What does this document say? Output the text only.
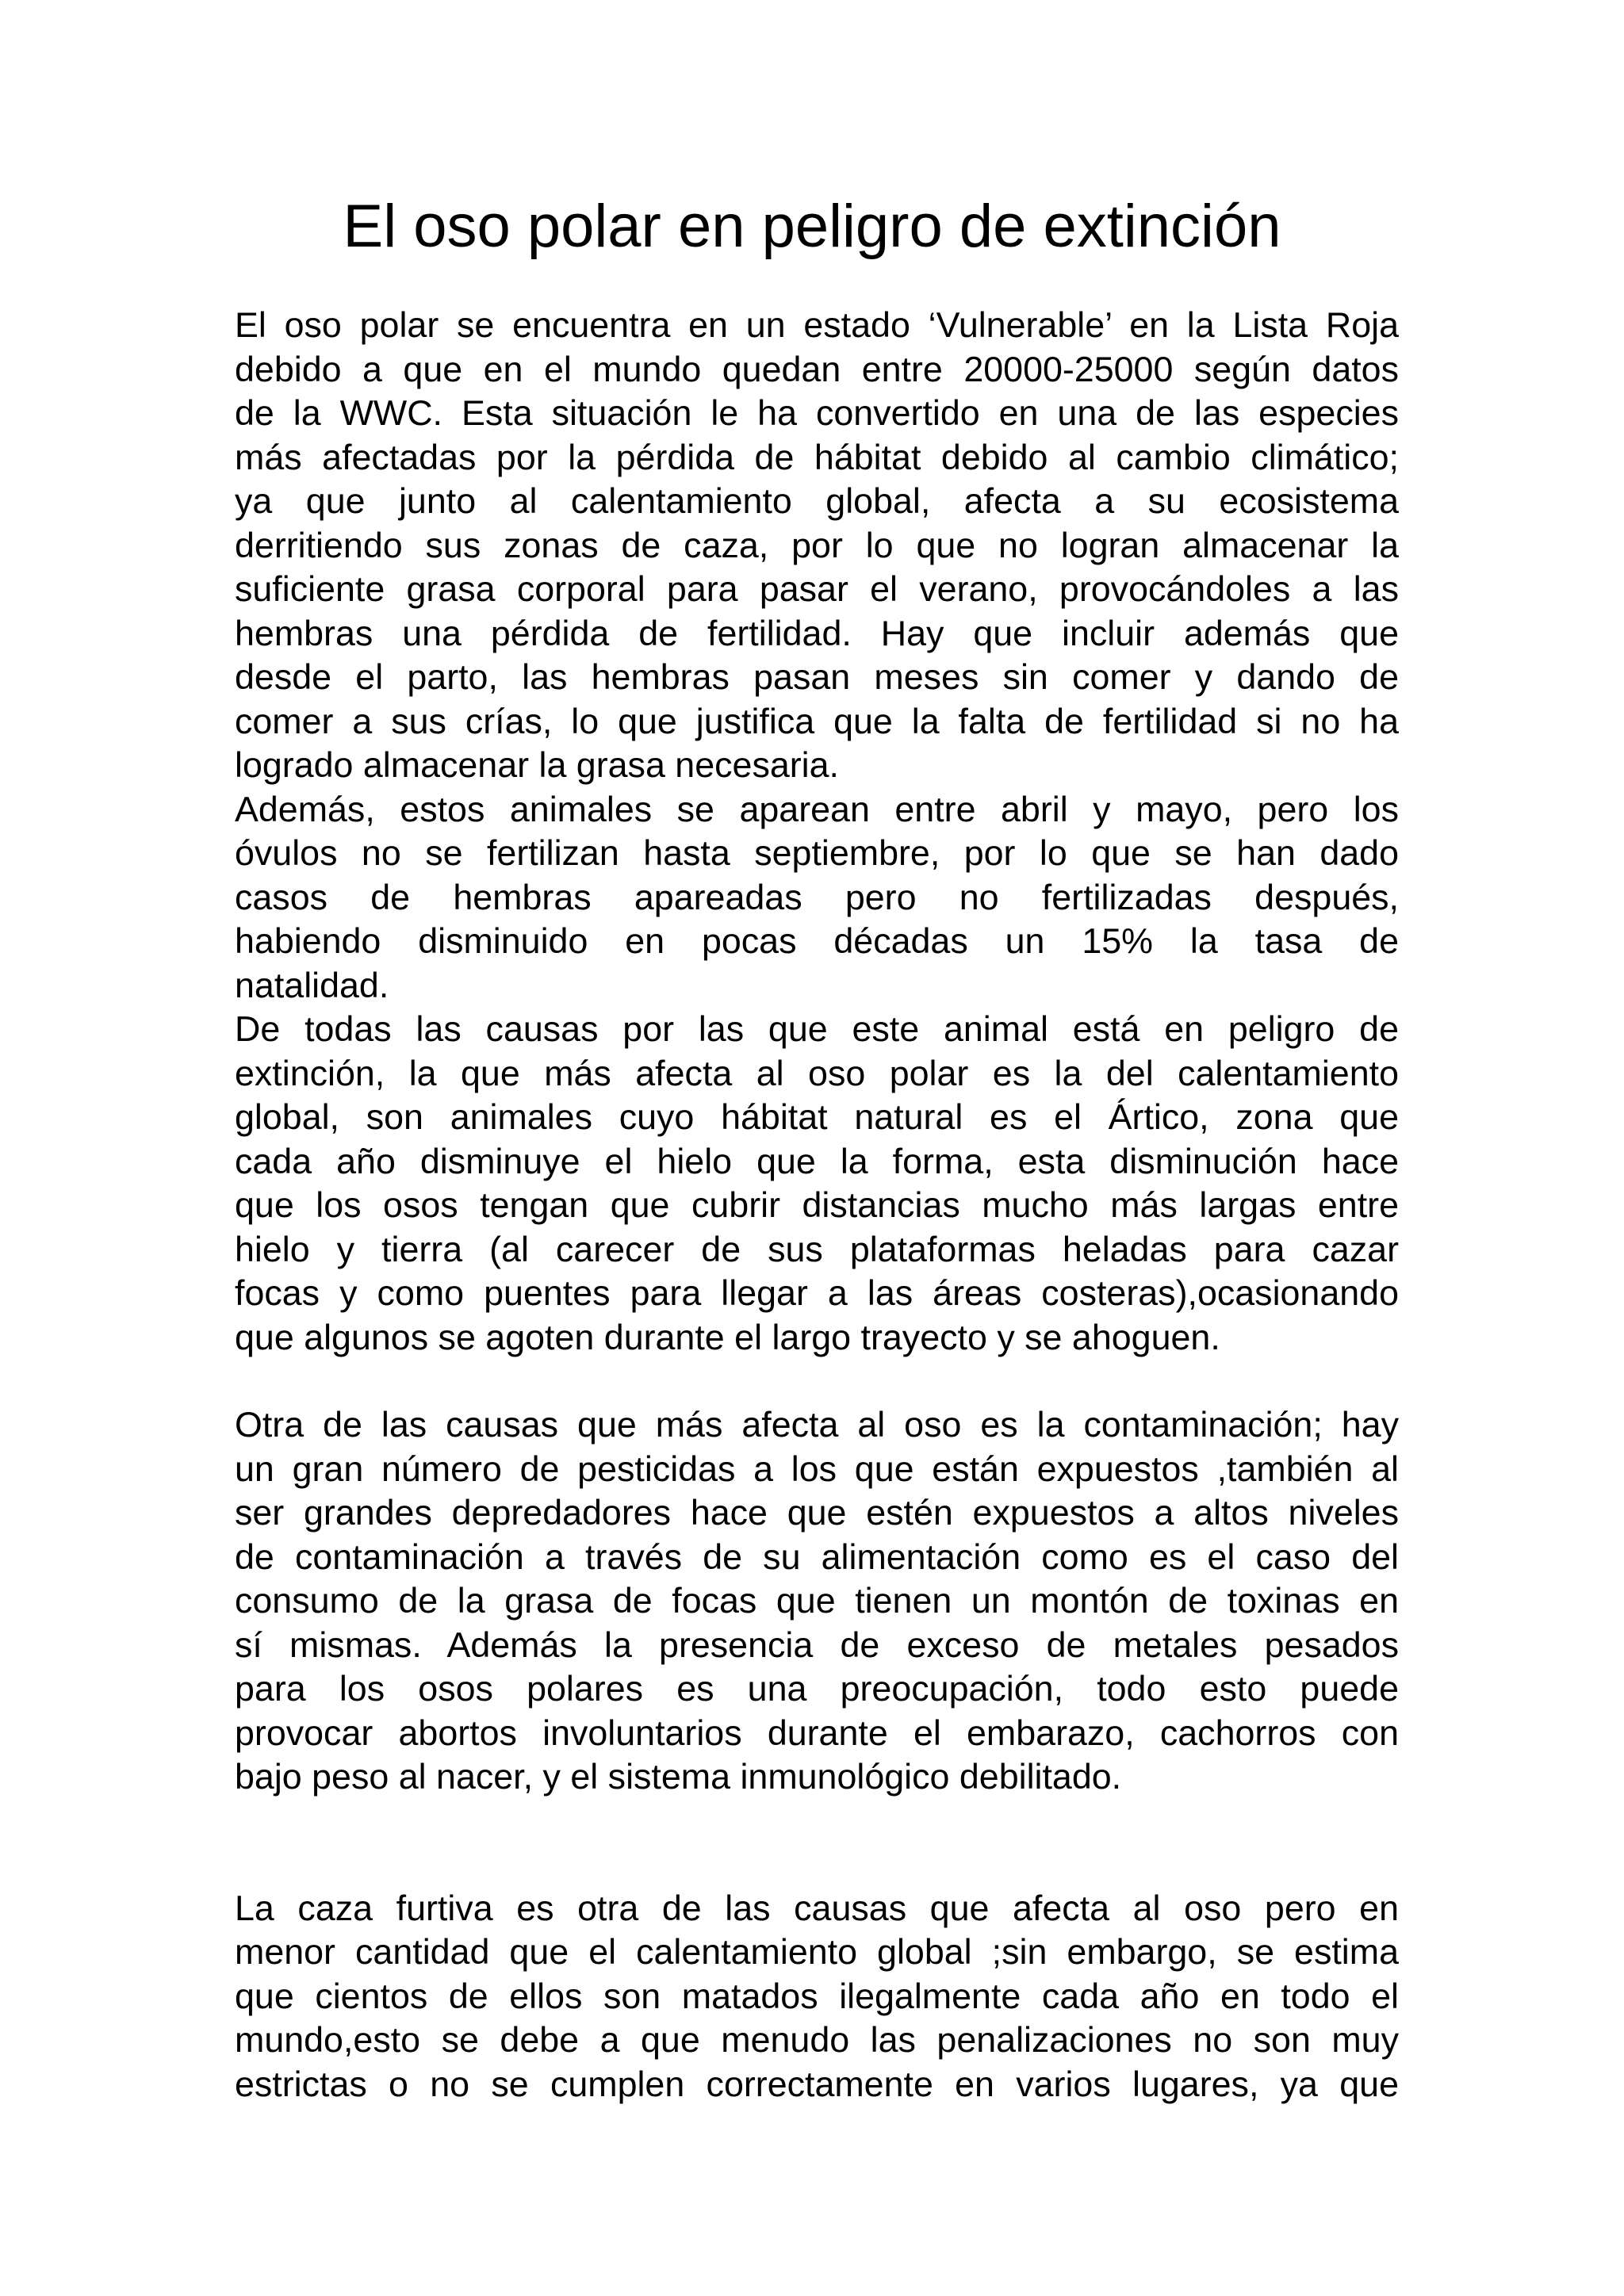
El oso polar en peligro de extinción
El oso polar se encuentra en un estado ‘Vulnerable’ en la Lista Roja
debido a que en el mundo quedan entre 20000-25000 según datos
de la WWC. Esta situación le ha convertido en una de las especies
más afectadas por la pérdida de hábitat debido al cambio climático;
ya que junto al calentamiento global, afecta a su ecosistema
derritiendo sus zonas de caza, por lo que no logran almacenar la
suficiente grasa corporal para pasar el verano, provocándoles a las
hembras una pérdida de fertilidad. Hay que incluir además que
desde el parto, las hembras pasan meses sin comer y dando de
comer a sus crías, lo que justifica que la falta de fertilidad si no ha
logrado almacenar la grasa necesaria.
Además, estos animales se aparean entre abril y mayo, pero los
óvulos no se fertilizan hasta septiembre, por lo que se han dado
casos de hembras apareadas pero no fertilizadas después,
habiendo disminuido en pocas décadas un 15% la tasa de
natalidad.
De todas las causas por las que este animal está en peligro de
extinción, la que más afecta al oso polar es la del calentamiento
global, son animales cuyo hábitat natural es el Ártico, zona que
cada año disminuye el hielo que la forma, esta disminución hace
que los osos tengan que cubrir distancias mucho más largas entre
hielo y tierra (al carecer de sus plataformas heladas para cazar
focas y como puentes para llegar a las áreas costeras),ocasionando
que algunos se agoten durante el largo trayecto y se ahoguen.
Otra de las causas que más afecta al oso es la contaminación; hay
un gran número de pesticidas a los que están expuestos ,también al
ser grandes depredadores hace que estén expuestos a altos niveles
de contaminación a través de su alimentación como es el caso del
consumo de la grasa de focas que tienen un montón de toxinas en
sí mismas. Además la presencia de exceso de metales pesados
para los osos polares es una preocupación, todo esto puede
provocar abortos involuntarios durante el embarazo, cachorros con
bajo peso al nacer, y el sistema inmunológico debilitado.
La caza furtiva es otra de las causas que afecta al oso pero en
menor cantidad que el calentamiento global ;sin embargo, se estima
que cientos de ellos son matados ilegalmente cada año en todo el
mundo,esto se debe a que menudo las penalizaciones no son muy
estrictas o no se cumplen correctamente en varios lugares, ya que
